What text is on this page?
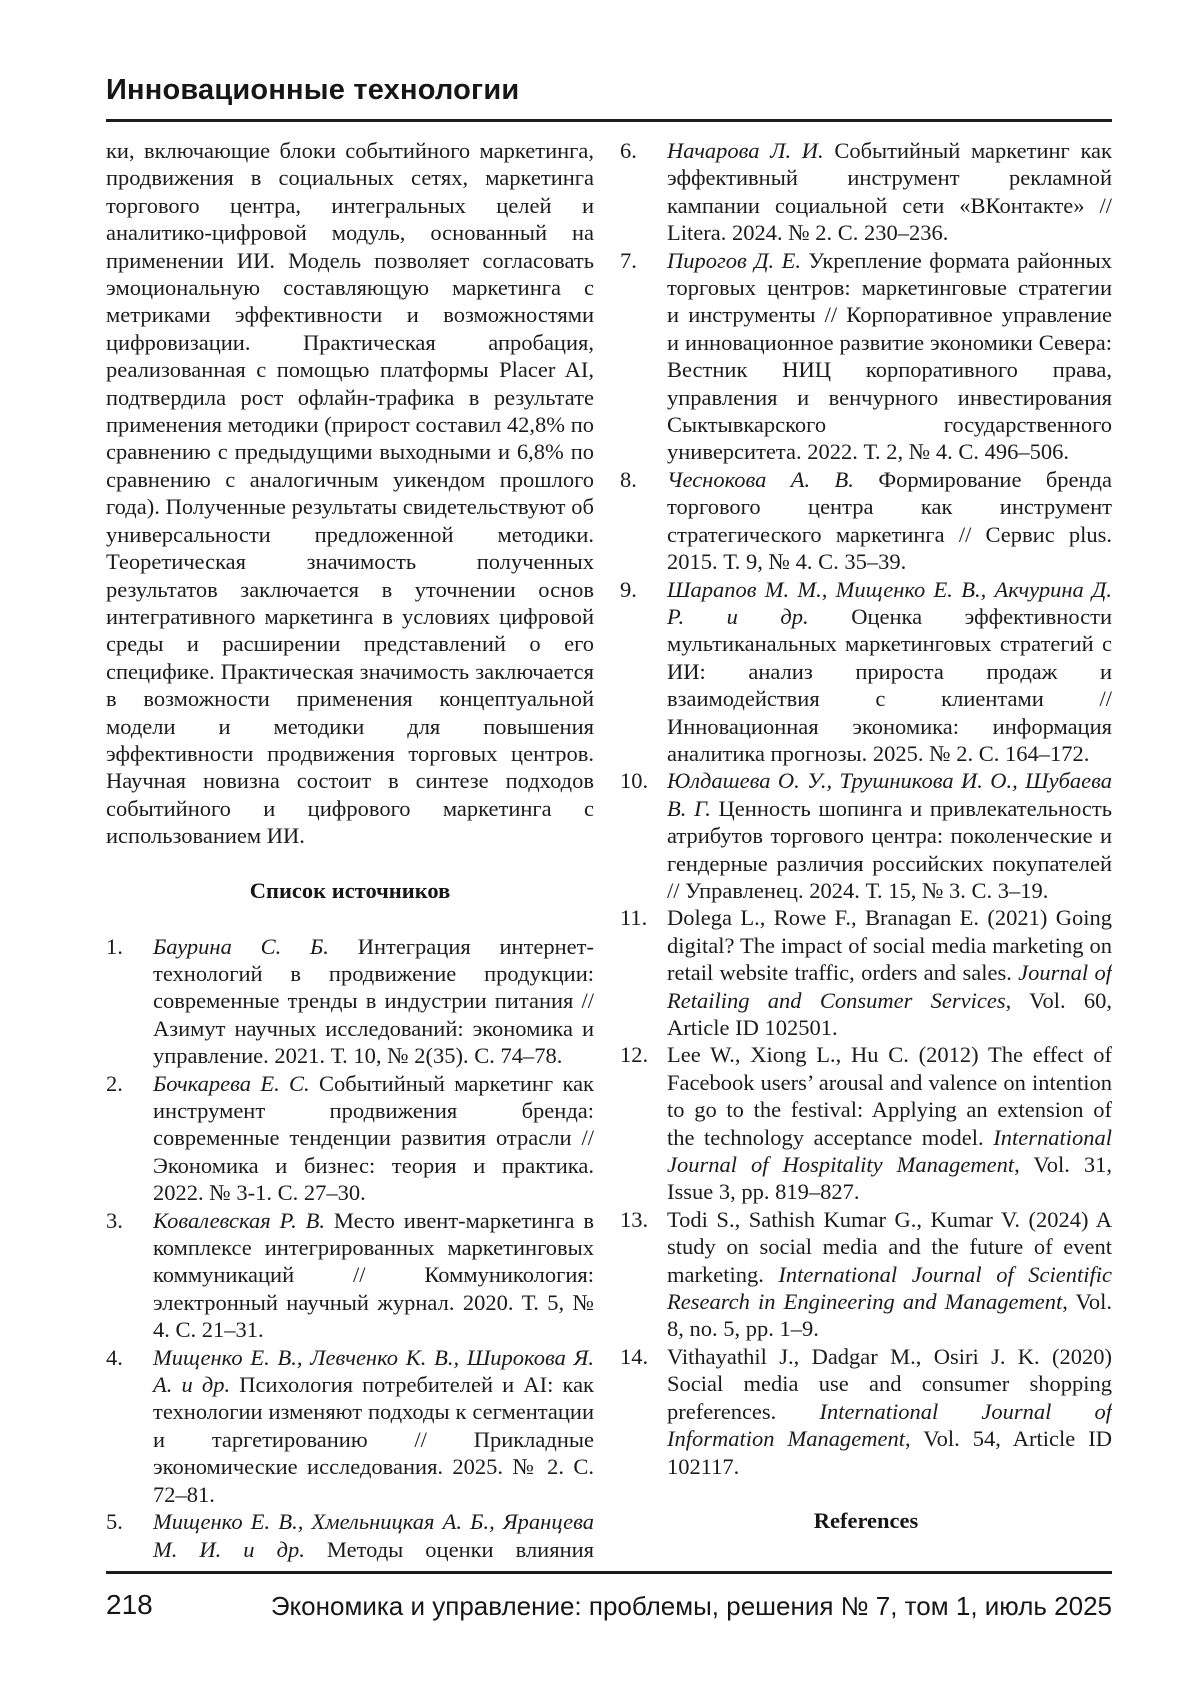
Инновационные технологии

ки, включающие блоки событийного маркетинга, продвижения в социальных сетях, маркетинга торгового центра, интегральных целей и аналитико-цифровой модуль, основанный на применении ИИ. Модель позволяет согласовать эмоциональную составляющую маркетинга с метриками эффективности и возможностями цифровизации. Практическая апробация, реализованная с помощью платформы Placer AI, подтвердила рост офлайн-трафика в результате применения методики (прирост составил 42,8% по сравнению с предыдущими выходными и 6,8% по сравнению с аналогичным уикендом прошлого года). Полученные результаты свидетельствуют об универсальности предложенной методики. Теоретическая значимость полученных результатов заключается в уточнении основ интегративного маркетинга в условиях цифровой среды и расширении представлений о его специфике. Практическая значимость заключается в возможности применения концептуальной модели и методики для повышения эффективности продвижения торговых центров. Научная новизна состоит в синтезе подходов событийного и цифрового маркетинга с использованием ИИ.

Список источников
1.	Баурина С. Б. Интеграция интернет-технологий в продвижение продукции: современные тренды в индустрии питания // Азимут научных исследований: экономика и управление. 2021. Т. 10, № 2(35). С. 74–78.
2.	Бочкарева Е. С. Событийный маркетинг как инструмент продвижения бренда: современные тенденции развития отрасли // Экономика и бизнес: теория и практика. 2022. № 3-1. С. 27–30.
3.	Ковалевская Р. В. Место ивент-маркетинга в комплексе интегрированных маркетинговых коммуникаций // Коммуникология: электронный научный журнал. 2020. Т. 5, № 4. С. 21–31.
4.	Мищенко Е. В., Левченко К. В., Широкова Я. А. и др. Психология потребителей и AI: как технологии изменяют подходы к сегментации и таргетированию // Прикладные экономические исследования. 2025. № 2. С. 72–81.
5.	Мищенко Е. В., Хмельницкая А. Б., Яранцева М. И. и др. Методы оценки влияния
6.	Начарова Л. И. Событийный маркетинг как эффективный инструмент рекламной кампании социальной сети «ВКонтакте» // Litera. 2024. № 2. С. 230–236.
7.	Пирогов Д. Е. Укрепление формата районных торговых центров: маркетинговые стратегии и инструменты // Корпоративное управление и инновационное развитие экономики Севера: Вестник НИЦ корпоративного права, управления и венчурного инвестирования Сыктывкарского государственного университета. 2022. Т. 2, № 4. С. 496–506.
8.	Чеснокова А. В. Формирование бренда торгового центра как инструмент стратегического маркетинга // Сервис plus. 2015. Т. 9, № 4. С. 35–39.
9.	Шарапов М. М., Мищенко Е. В., Акчурина Д. Р. и др. Оценка эффективности мультиканальных маркетинговых стратегий с ИИ: анализ прироста продаж и взаимодействия с клиентами // Инновационная экономика: информация аналитика прогнозы. 2025. № 2. С. 164–172.
10. Юлдашева О. У., Трушникова И. О., Шубаева В. Г. Ценность шопинга и привлекательность атрибутов торгового центра: поколенческие и гендерные различия российских покупателей // Управленец. 2024. Т. 15, № 3. С. 3–19.
11. Dolega L., Rowe F., Branagan E. (2021) Going digital? The impact of social media marketing on retail website traffic, orders and sales. Journal of Retailing and Consumer Services, Vol. 60, Article ID 102501.
12. Lee W., Xiong L., Hu C. (2012) The effect of Facebook users’ arousal and valence on intention to go to the festival: Applying an extension of the technology acceptance model. International Journal of Hospitality Management, Vol. 31, Issue 3, pp. 819–827.
13. Todi S., Sathish Kumar G., Kumar V. (2024) A study on social media and the future of event marketing. International Journal of Scientific Research in Engineering and Management, Vol. 8, no. 5, pp. 1–9.
14. Vithayathil J., Dadgar M., Osiri J. K. (2020) Social media use and consumer shopping preferences. International Journal of Information Management, Vol. 54, Article ID 102117.
References
218	Экономика и управление: проблемы, решения № 7, том 1, июль 2025
